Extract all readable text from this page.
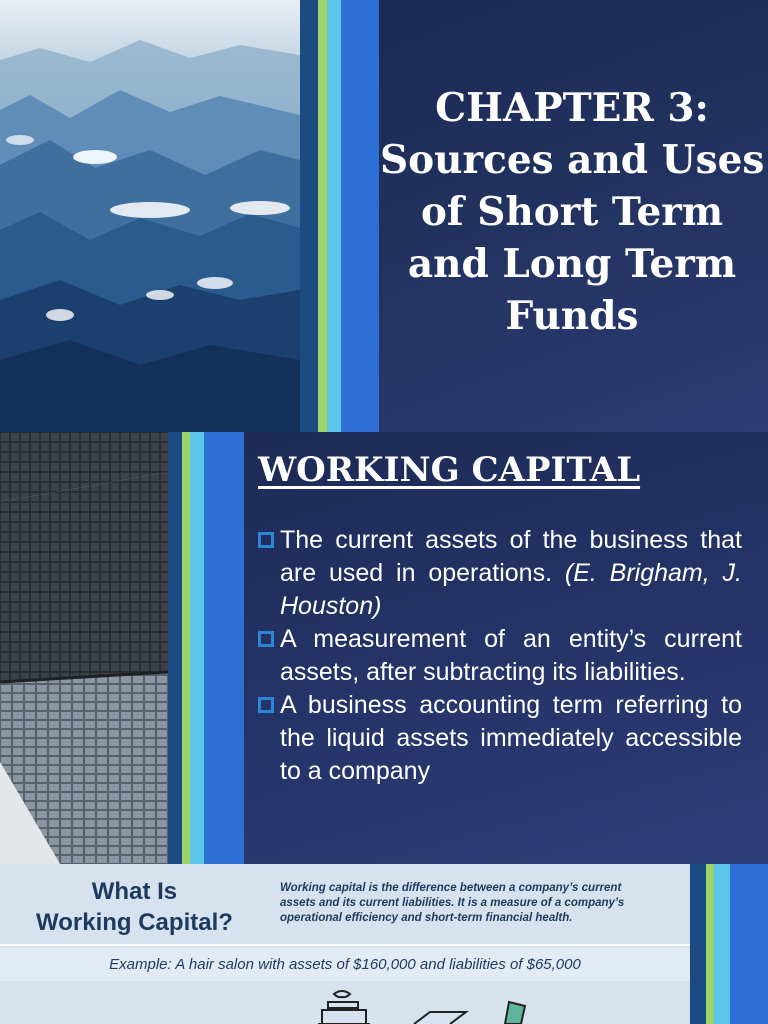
CHAPTER 3:
Sources and Uses
of Short Term
and Long Term
Funds
WORKING CAPITAL
The current assets of the business that are used in operations. (E. Brigham, J. Houston)
A measurement of an entity’s current assets, after subtracting its liabilities.
A business accounting term referring to the liquid assets immediately accessible to a company
What Is
Working Capital?
Working capital is the difference between a company’s current assets and its current liabilities. It is a measure of a company’s operational efficiency and short-term financial health.
Example: A hair salon with assets of $160,000 and liabilities of $65,000
